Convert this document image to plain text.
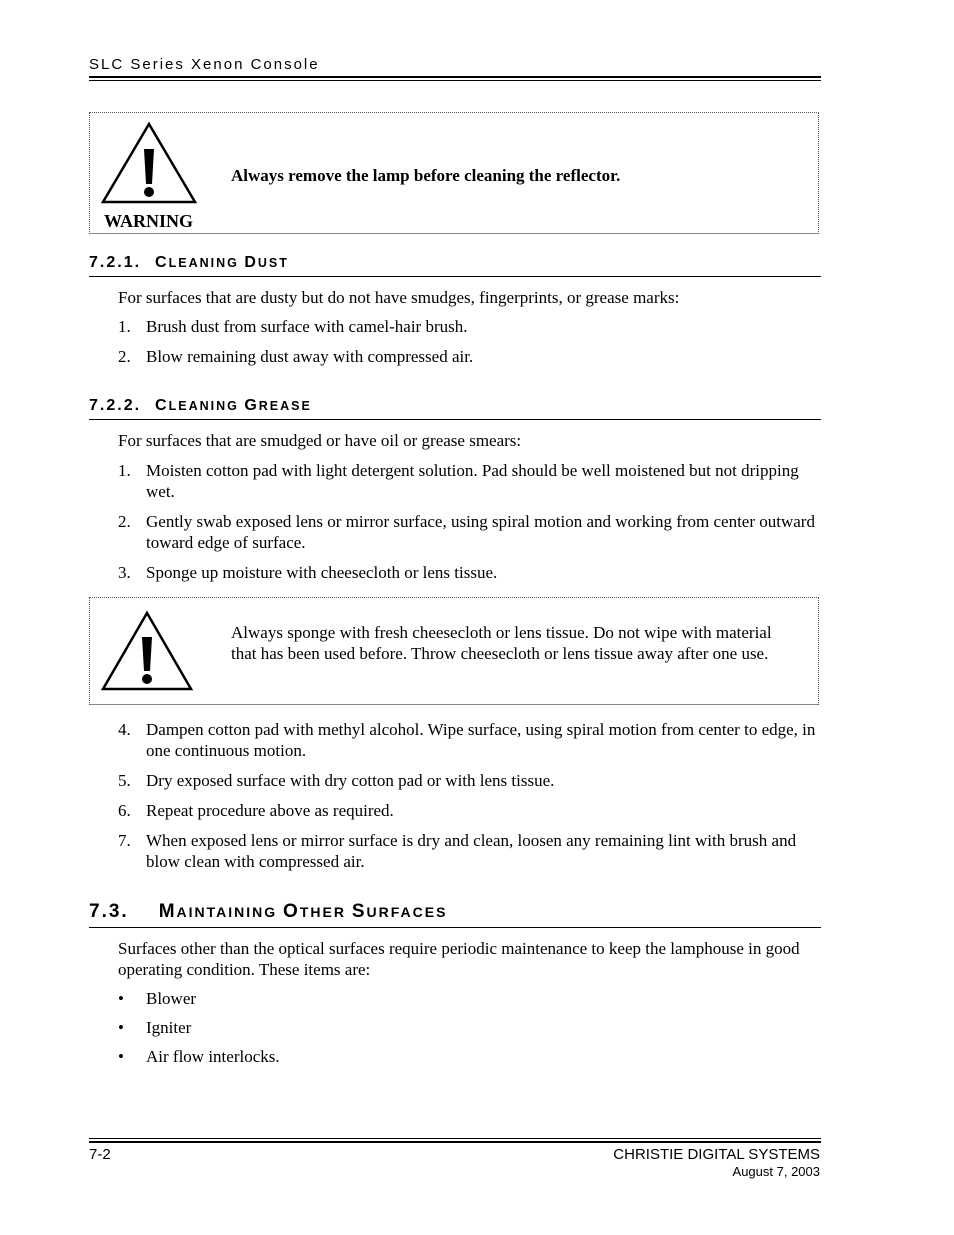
SLC Series Xenon Console
WARNING
Always remove the lamp before cleaning the reflector.
7.2.1. CLEANING DUST
For surfaces that are dusty but do not have smudges, fingerprints, or grease marks:
1. Brush dust from surface with camel-hair brush.
2. Blow remaining dust away with compressed air.
7.2.2. CLEANING GREASE
For surfaces that are smudged or have oil or grease smears:
1. Moisten cotton pad with light detergent solution. Pad should be well moistened but not dripping wet.
2. Gently swab exposed lens or mirror surface, using spiral motion and working from center outward toward edge of surface.
3. Sponge up moisture with cheesecloth or lens tissue.
Always sponge with fresh cheesecloth or lens tissue. Do not wipe with material that has been used before. Throw cheesecloth or lens tissue away after one use.
4. Dampen cotton pad with methyl alcohol. Wipe surface, using spiral motion from center to edge, in one continuous motion.
5. Dry exposed surface with dry cotton pad or with lens tissue.
6. Repeat procedure above as required.
7. When exposed lens or mirror surface is dry and clean, loosen any remaining lint with brush and blow clean with compressed air.
7.3. MAINTAINING OTHER SURFACES
Surfaces other than the optical surfaces require periodic maintenance to keep the lamphouse in good operating condition. These items are:
•	Blower
•	Igniter
•	Air flow interlocks.
7-2	CHRISTIE DIGITAL SYSTEMS
August 7, 2003
